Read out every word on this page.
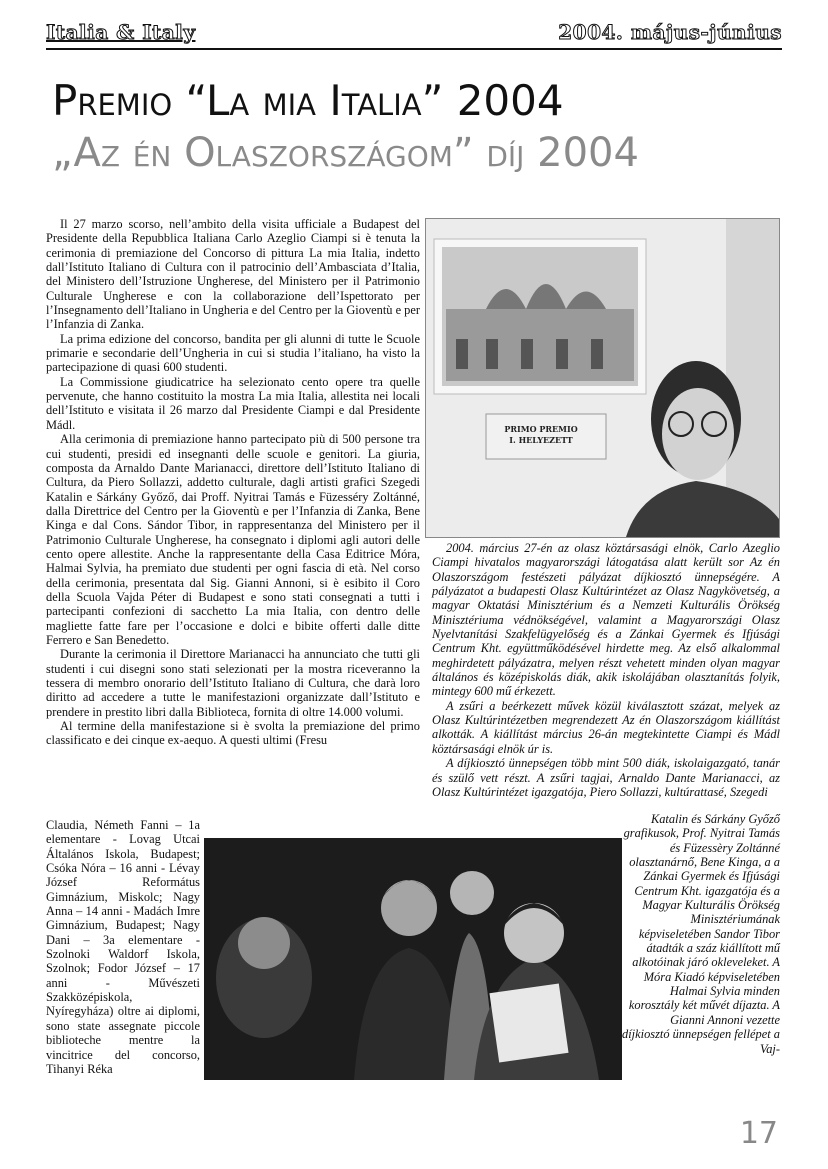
Italia & Italy	2004. május-június
Premio “La mia Italia” 2004
„Az én Olaszországom” díj 2004

Il 27 marzo scorso, nell’ambito della visita ufficiale a Budapest del Presidente della Repubblica Italiana Carlo Azeglio Ciampi si è tenuta la cerimonia di premiazione del Concorso di pittura La mia Italia, indetto dall’Istituto Italiano di Cultura con il patrocinio dell’Ambasciata d’Italia, del Ministero dell’Istruzione Ungherese, del Ministero per il Patrimonio Culturale Ungherese e con la collaborazione dell’Ispettorato per l’Insegnamento dell’Italiano in Ungheria e del Centro per la Gioventù e per l’Infanzia di Zanka.

La prima edizione del concorso, bandita per gli alunni di tutte le Scuole primarie e secondarie dell’Ungheria in cui si studia l’italiano, ha visto la partecipazione di quasi 600 studenti.

La Commissione giudicatrice ha selezionato cento opere tra quelle pervenute, che hanno costituito la mostra La mia Italia, allestita nei locali dell’Istituto e visitata il 26 marzo dal Presidente Ciampi e dal Presidente Mádl.

Alla cerimonia di premiazione hanno partecipato più di 500 persone tra cui studenti, presidi ed insegnanti delle scuole e genitori. La giuria, composta da Arnaldo Dante Marianacci, direttore dell’Istituto Italiano di Cultura, da Piero Sollazzi, addetto culturale, dagli artisti grafici Szegedi Katalin e Sárkány Győző, dai Proff. Nyitrai Tamás e Füzesséry Zoltánné, dalla Direttrice del Centro per la Gioventù e per l’Infanzia di Zanka, Bene Kinga e dal Cons. Sándor Tibor, in rappresentanza del Ministero per il Patrimonio Culturale Ungherese, ha consegnato i diplomi agli autori delle cento opere allestite. Anche la rappresentante della Casa Editrice Móra, Halmai Sylvia, ha premiato due studenti per ogni fascia di età. Nel corso della cerimonia, presentata dal Sig. Gianni Annoni, si è esibito il Coro della Scuola Vajda Péter di Budapest e sono stati consegnati a tutti i partecipanti confezioni di sacchetto La mia Italia, con dentro delle magliette fatte fare per l’occasione e dolci e bibite offerti dalle ditte Ferrero e San Benedetto.

Durante la cerimonia il Direttore Marianacci ha annunciato che tutti gli studenti i cui disegni sono stati selezionati per la mostra riceveranno la tessera di membro onorario dell’Istituto Italiano di Cultura, che darà loro diritto ad accedere a tutte le manifestazioni organizzate dall’Istituto e prendere in prestito libri dalla Biblioteca, fornita di oltre 14.000 volumi.

Al termine della manifestazione si è svolta la premiazione del primo classificato e dei cinque ex-aequo. A questi ultimi (Fresu

Claudia, Németh Fanni – 1a elementare - Lovag Utcai Általános Iskola, Budapest; Csóka Nóra – 16 anni - Lévay József Református Gimnázium, Miskolc; Nagy Anna – 14 anni - Madách Imre Gimnázium, Budapest; Nagy Dani – 3a elementare - Szolnoki Waldorf Iskola, Szolnok; Fodor József – 17 anni - Művészeti Szakközépiskola, Nyíregyháza) oltre ai diplomi, sono state assegnate piccole biblioteche mentre la vincitrice del concorso, Tihanyi Réka

PRIMO PREMIO
I. HELYEZETT

2004. március 27-én az olasz köztársasági elnök, Carlo Azeglio Ciampi hivatalos magyarországi látogatása alatt került sor Az én Olaszországom festészeti pályázat díjkiosztó ünnepségére. A pályázatot a budapesti Olasz Kultúrintézet az Olasz Nagykövetség, a magyar Oktatási Minisztérium és a Nemzeti Kulturális Örökség Minisztériuma védnökségével, valamint a Magyarországi Olasz Nyelvtanítási Szakfelügyelőség és a Zánkai Gyermek és Ifjúsági Centrum Kht. együttműködésével hirdette meg. Az első alkalommal meghirdetett pályázatra, melyen részt vehetett minden olyan magyar általános és középiskolás diák, akik iskolájában olasztanítás folyik, mintegy 600 mű érkezett.

A zsűri a beérkezett művek közül kiválasztott százat, melyek az Olasz Kultúrintézetben megrendezett Az én Olaszországom kiállítást alkották. A kiállítást március 26-án megtekintette Ciampi és Mádl köztársasági elnök úr is.

A díjkiosztó ünnepségen több mint 500 diák, iskolaigazgató, tanár és szülő vett részt. A zsűri tagjai, Arnaldo Dante Marianacci, az Olasz Kultúrintézet igazgatója, Piero Sollazzi, kultúrattasé, Szegedi

Katalin és Sárkány Győző grafikusok, Prof. Nyitrai Tamás és Füzessèry Zoltánné olasztanárnő, Bene Kinga, a a Zánkai Gyermek és Ifjúsági Centrum Kht. igazgatója és a Magyar Kulturális Örökség Minisztériumának képviseletében Sandor Tibor átadták a száz kiállított mű alkotóinak járó okleveleket. A Móra Kiadó képviseletében Halmai Sylvia minden korosztály két művét díjazta. A Gianni Annoni vezette díjkiosztó ünnepségen fellépet a Vaj-

17
